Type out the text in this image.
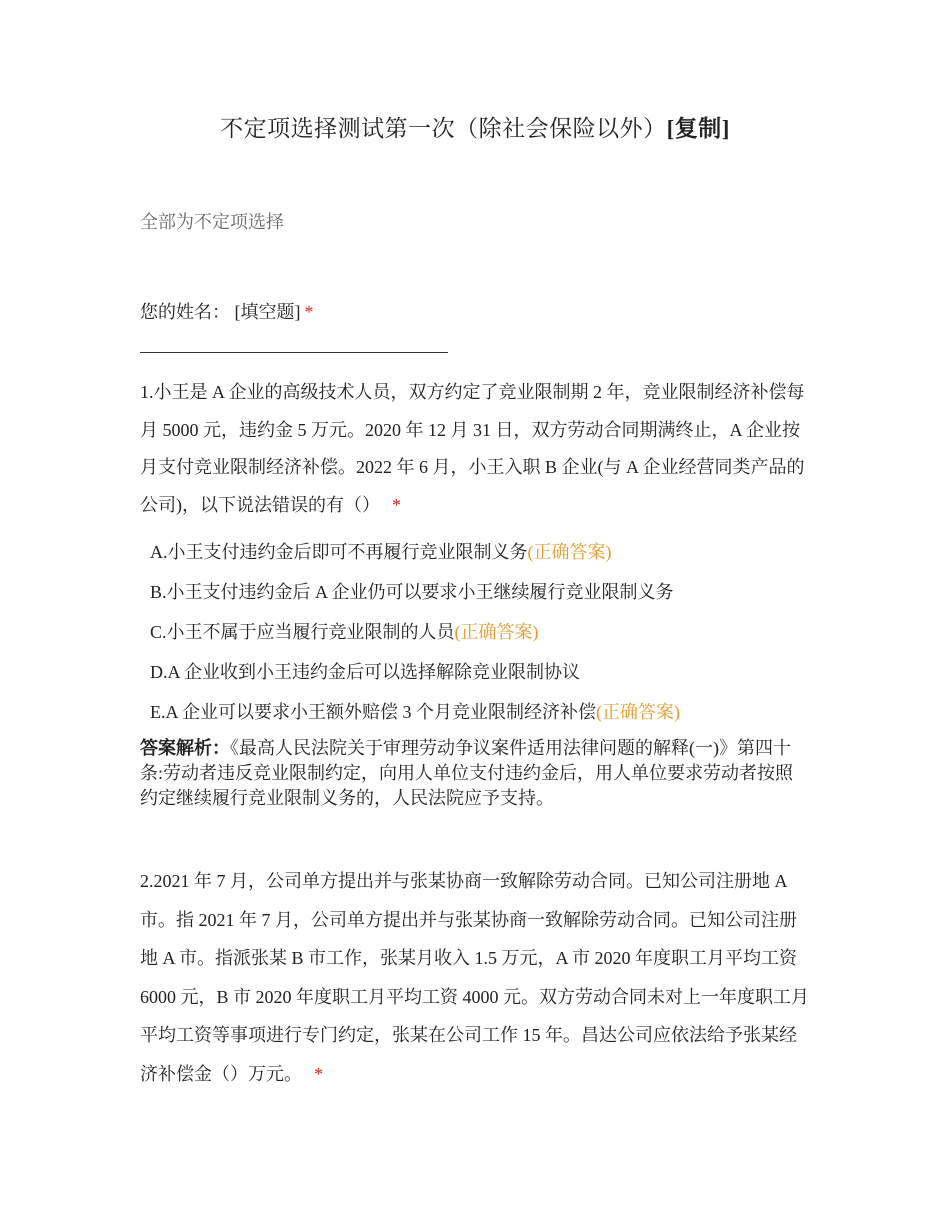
不定项选择测试第一次（除社会保险以外）[复制]
全部为不定项选择
您的姓名： [填空题] *
1.小王是 A 企业的高级技术人员，双方约定了竞业限制期 2 年，竞业限制经济补偿每月 5000 元，违约金 5 万元。2020 年 12 月 31 日，双方劳动合同期满终止，A 企业按月支付竞业限制经济补偿。2022 年 6 月，小王入职 B 企业(与 A 企业经营同类产品的公司)，以下说法错误的有（） *
A.小王支付违约金后即可不再履行竞业限制义务(正确答案)
B.小王支付违约金后 A 企业仍可以要求小王继续履行竞业限制义务
C.小王不属于应当履行竞业限制的人员(正确答案)
D.A 企业收到小王违约金后可以选择解除竞业限制协议
E.A 企业可以要求小王额外赔偿 3 个月竞业限制经济补偿(正确答案)
答案解析：《最高人民法院关于审理劳动争议案件适用法律问题的解释(一)》第四十条:劳动者违反竞业限制约定，向用人单位支付违约金后，用人单位要求劳动者按照约定继续履行竞业限制义务的，人民法院应予支持。
2.2021 年 7 月，公司单方提出并与张某协商一致解除劳动合同。已知公司注册地 A 市。指 2021 年 7 月，公司单方提出并与张某协商一致解除劳动合同。已知公司注册地 A 市。指派张某 B 市工作，张某月收入 1.5 万元，A 市 2020 年度职工月平均工资 6000 元，B 市 2020 年度职工月平均工资 4000 元。双方劳动合同未对上一年度职工月平均工资等事项进行专门约定，张某在公司工作 15 年。昌达公司应依法给予张某经济补偿金（）万元。 *
